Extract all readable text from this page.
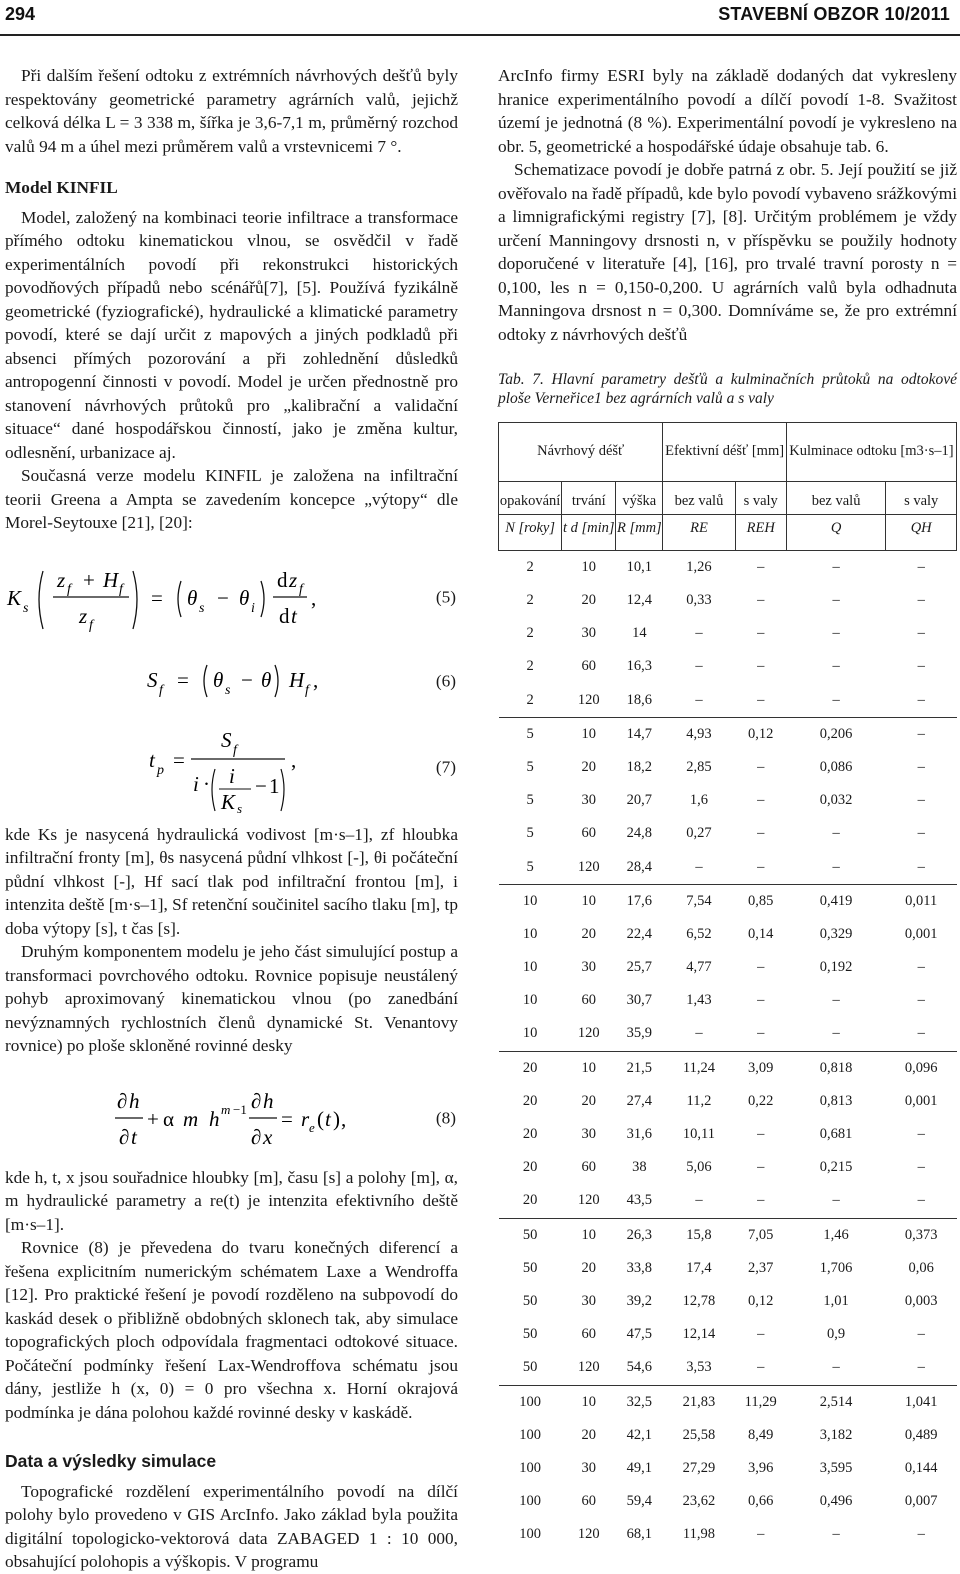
294	STAVEBNÍ OBZOR 10/2011

Při dalším řešení odtoku z extrémních návrhových dešťů byly respektovány geometrické parametry agrárních valů, jejichž celková délka L = 3 338 m, šířka je 3,6-7,1 m, průměrný rozchod valů 94 m a úhel mezi průměrem valů a vrstevnicemi 7 °.

Model KINFIL

Model, založený na kombinaci teorie infiltrace a transformace přímého odtoku kinematickou vlnou, se osvědčil v řadě experimentálních povodí při rekonstrukci historických povodňových případů nebo scénářů[7], [5]. Používá fyzikálně geometrické (fyziografické), hydraulické a klimatické parametry povodí, které se dají určit z mapových a jiných podkladů při absenci přímých pozorování a při zohlednění důsledků antropogenní činnosti v povodí. Model je určen přednostně pro stanovení návrhových průtoků pro „kalibrační a validační situace“ dané hospodářskou činností, jako je změna kultur, odlesnění, urbanizace aj.

Současná verze modelu KINFIL je založena na infiltrační teorii Greena a Ampta se zavedením koncepce „výtopy“ dle Morel-Seytouxe [21], [20]:

K s
z f + H f
z f
= θ s − θ i
d z f
d t
,	(5)
S f = θ s − θ H f ,	(6)
t p =
S f
i · i
K s
− 1
,	(7)

kde Ks je nasycená hydraulická vodivost [m·s–1], zf hloubka infiltrační fronty [m], θs nasycená půdní vlhkost [-], θi počáteční půdní vlhkost [-], Hf sací tlak pod infiltrační frontou [m], i intenzita deště [m·s–1], Sf retenční součinitel sacího tlaku [m], tp doba výtopy [s], t čas [s].

Druhým komponentem modelu je jeho část simulující postup a transformaci povrchového odtoku. Rovnice popisuje neustálený pohyb aproximovaný kinematickou vlnou (po zanedbání nevýznamných rychlostních členů dynamické St. Venantovy rovnice) po ploše skloněné rovinné desky

∂ h
∂ t
+ α m h m −1 ∂ h
∂ x
= r e ( t ) ,	(8)

kde h, t, x jsou souřadnice hloubky [m], času [s] a polohy [m], α, m hydraulické parametry a re(t) je intenzita efektivního deště [m·s–1].

Rovnice (8) je převedena do tvaru konečných diferencí a řešena explicitním numerickým schématem Laxe a Wendroffa [12]. Pro praktické řešení je povodí rozděleno na subpovodí do kaskád desek o přibližně obdobných sklonech tak, aby simulace topografických ploch odpovídala fragmentaci odtokové situace. Počáteční podmínky řešení Lax-Wendroffova schématu jsou dány, jestliže h (x, 0) = 0 pro všechna x. Horní okrajová podmínka je dána polohou každé rovinné desky v kaskádě.

Data a výsledky simulace

Topografické rozdělení experimentálního povodí na dílčí polohy bylo provedeno v GIS ArcInfo. Jako základ byla použita digitální topologicko-vektorová data ZABAGED 1 : 10 000, obsahující polohopis a výškopis. V programu

ArcInfo firmy ESRI byly na základě dodaných dat vykresleny hranice experimentálního povodí a dílčí povodí 1-8. Svažitost území je jednotná (8 %). Experimentální povodí je vykresleno na obr. 5, geometrické a hospodářské údaje obsahuje tab. 6.

Schematizace povodí je dobře patrná z obr. 5. Její použití se již ověřovalo na řadě případů, kde bylo povodí vybaveno srážkovými a limnigrafickými registry [7], [8]. Určitým problémem je vždy určení Manningovy drsnosti n, v příspěvku se použily hodnoty doporučené v literatuře [4], [16], pro trvalé travní porosty n = 0,100, les n = 0,150-0,200. U agrárních valů byla odhadnuta Manningova drsnost n = 0,300. Domníváme se, že pro extrémní odtoky z návrhových dešťů

Tab. 7. Hlavní parametry dešťů a kulminačních průtoků na odtokové ploše Verneřice1 bez agrárních valů a s valy

Návrhový déšť			Efektivní déšť [mm]		Kulminace odtoku [m3·s–1]	
opakování	trvání	výška	bez valů	s valy	bez valů	s valy
N [roky]	t d [min]	R [mm]	RE	REH	Q	QH
2	10	10,1	1,26	–	–	–
2	20	12,4	0,33	–	–	–
2	30	14	–	–	–	–
2	60	16,3	–	–	–	–
2	120	18,6	–	–	–	–
5	10	14,7	4,93	0,12	0,206	–
5	20	18,2	2,85	–	0,086	–
5	30	20,7	1,6	–	0,032	–
5	60	24,8	0,27	–	–	–
5	120	28,4	–	–	–	–
10	10	17,6	7,54	0,85	0,419	0,011
10	20	22,4	6,52	0,14	0,329	0,001
10	30	25,7	4,77	–	0,192	–
10	60	30,7	1,43	–	–	–
10	120	35,9	–	–	–	–
20	10	21,5	11,24	3,09	0,818	0,096
20	20	27,4	11,2	0,22	0,813	0,001
20	30	31,6	10,11	–	0,681	–
20	60	38	5,06	–	0,215	–
20	120	43,5	–	–	–	–
50	10	26,3	15,8	7,05	1,46	0,373
50	20	33,8	17,4	2,37	1,706	0,06
50	30	39,2	12,78	0,12	1,01	0,003
50	60	47,5	12,14	–	0,9	–
50	120	54,6	3,53	–	–	–
100	10	32,5	21,83	11,29	2,514	1,041
100	20	42,1	25,58	8,49	3,182	0,489
100	30	49,1	27,29	3,96	3,595	0,144
100	60	59,4	23,62	0,66	0,496	0,007
100	120	68,1	11,98	–	–	–
